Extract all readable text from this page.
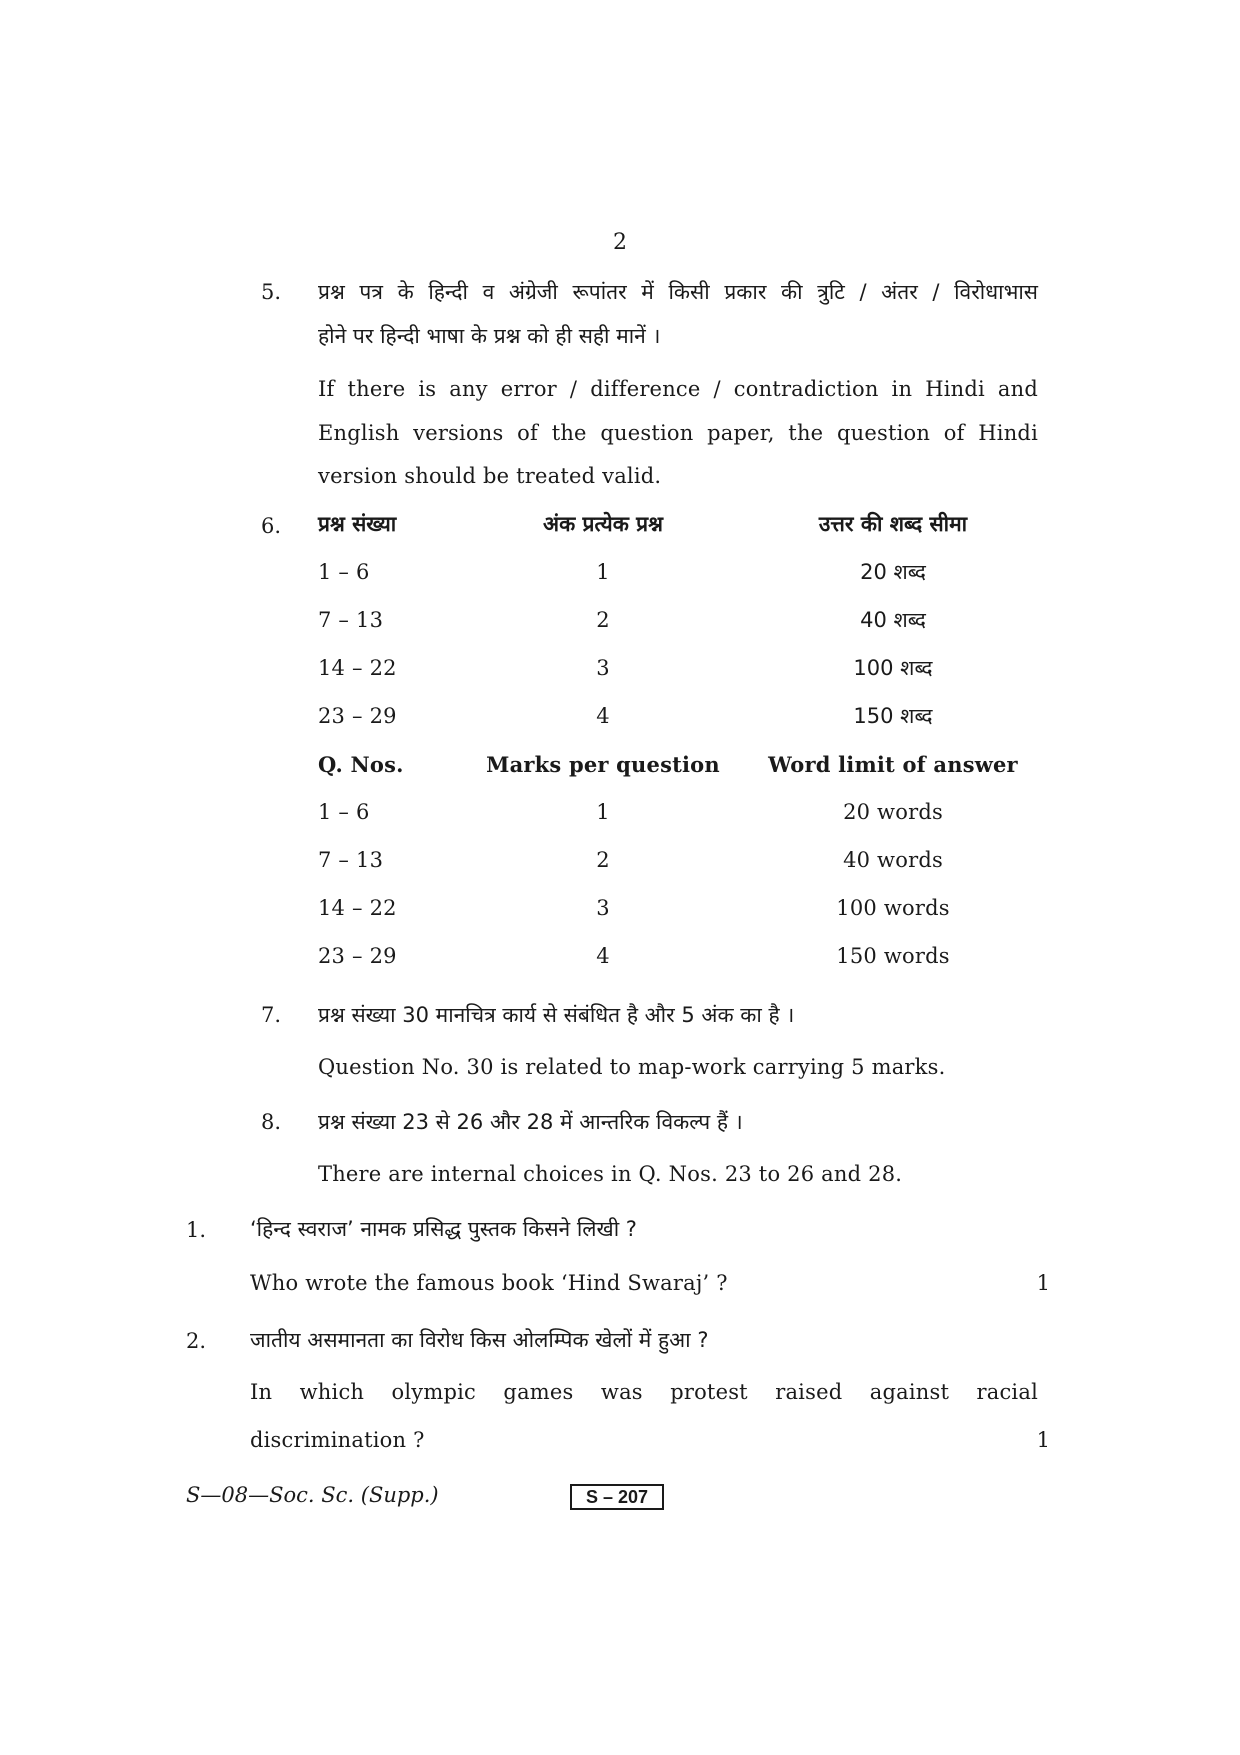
2
5. प्रश्न पत्र के हिन्दी व अंग्रेजी रूपांतर में किसी प्रकार की त्रुटि / अंतर / विरोधाभास
होने पर हिन्दी भाषा के प्रश्न को ही सही मानें ।
If there is any error / difference / contradiction in Hindi and
English versions of the question paper, the question of Hindi
version should be treated valid.
6. प्रश्न संख्या	अंक प्रत्येक प्रश्न	उत्तर की शब्द सीमा
1 – 6	1	20 शब्द
7 – 13	2	40 शब्द
14 – 22	3	100 शब्द
23 – 29	4	150 शब्द
Q. Nos.	Marks per question	Word limit of answer
1 – 6	1	20 words
7 – 13	2	40 words
14 – 22	3	100 words
23 – 29	4	150 words
7. प्रश्न संख्या 30 मानचित्र कार्य से संबंधित है और 5 अंक का है ।
Question No. 30 is related to map-work carrying 5 marks.
8. प्रश्न संख्या 23 से 26 और 28 में आन्तरिक विकल्प हैं ।
There are internal choices in Q. Nos. 23 to 26 and 28.
1. ‘हिन्द स्वराज’ नामक प्रसिद्ध पुस्तक किसने लिखी ?
Who wrote the famous book ‘Hind Swaraj’ ?	1
2. जातीय असमानता का विरोध किस ओलम्पिक खेलों में हुआ ?
In which olympic games was protest raised against racial
discrimination ?	1
S—08—Soc. Sc. (Supp.)	S – 207
